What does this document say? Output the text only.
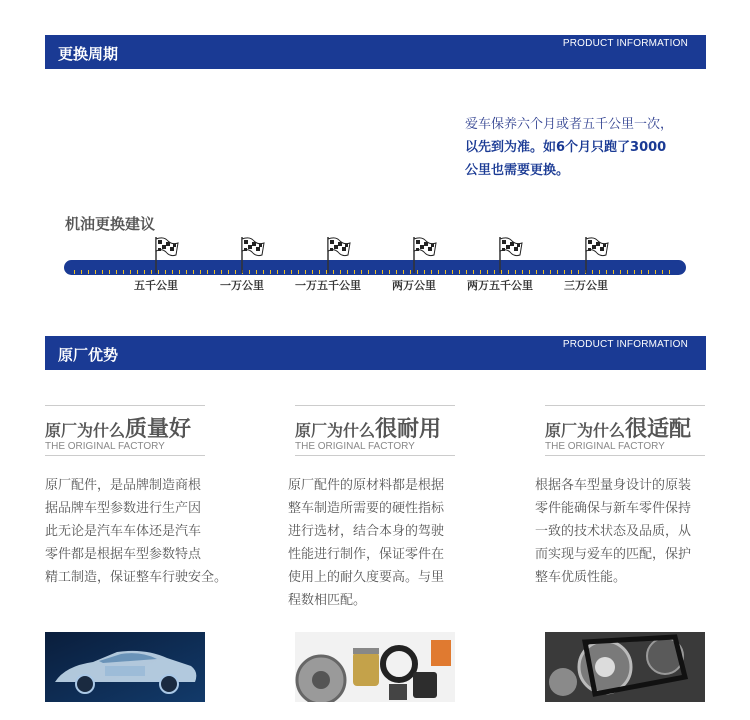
更换周期
PRODUCT INFORMATION
爱车保养六个月或者五千公里一次，
以先到为准。如6个月只跑了3000
公里也需要更换。
机油更换建议
五千公里	一万公里	一万五千公里	两万公里	两万五千公里	三万公里
原厂优势
PRODUCT INFORMATION
原厂为什么质量好
THE ORIGINAL FACTORY
原厂配件，是品牌制造商根
据品牌车型参数进行生产因
此无论是汽车车体还是汽车
零件都是根据车型参数特点
精工制造，保证整车行驶安全。
原厂为什么很耐用
THE ORIGINAL FACTORY
原厂配件的原材料都是根据
整车制造所需要的硬性指标
进行选材，结合本身的驾驶
性能进行制作，保证零件在
使用上的耐久度要高。与里
程数相匹配。
原厂为什么很适配
THE ORIGINAL FACTORY
根据各车型量身设计的原装
零件能确保与新车零件保持
一致的技术状态及品质，从
而实现与爱车的匹配，保护
整车优质性能。
